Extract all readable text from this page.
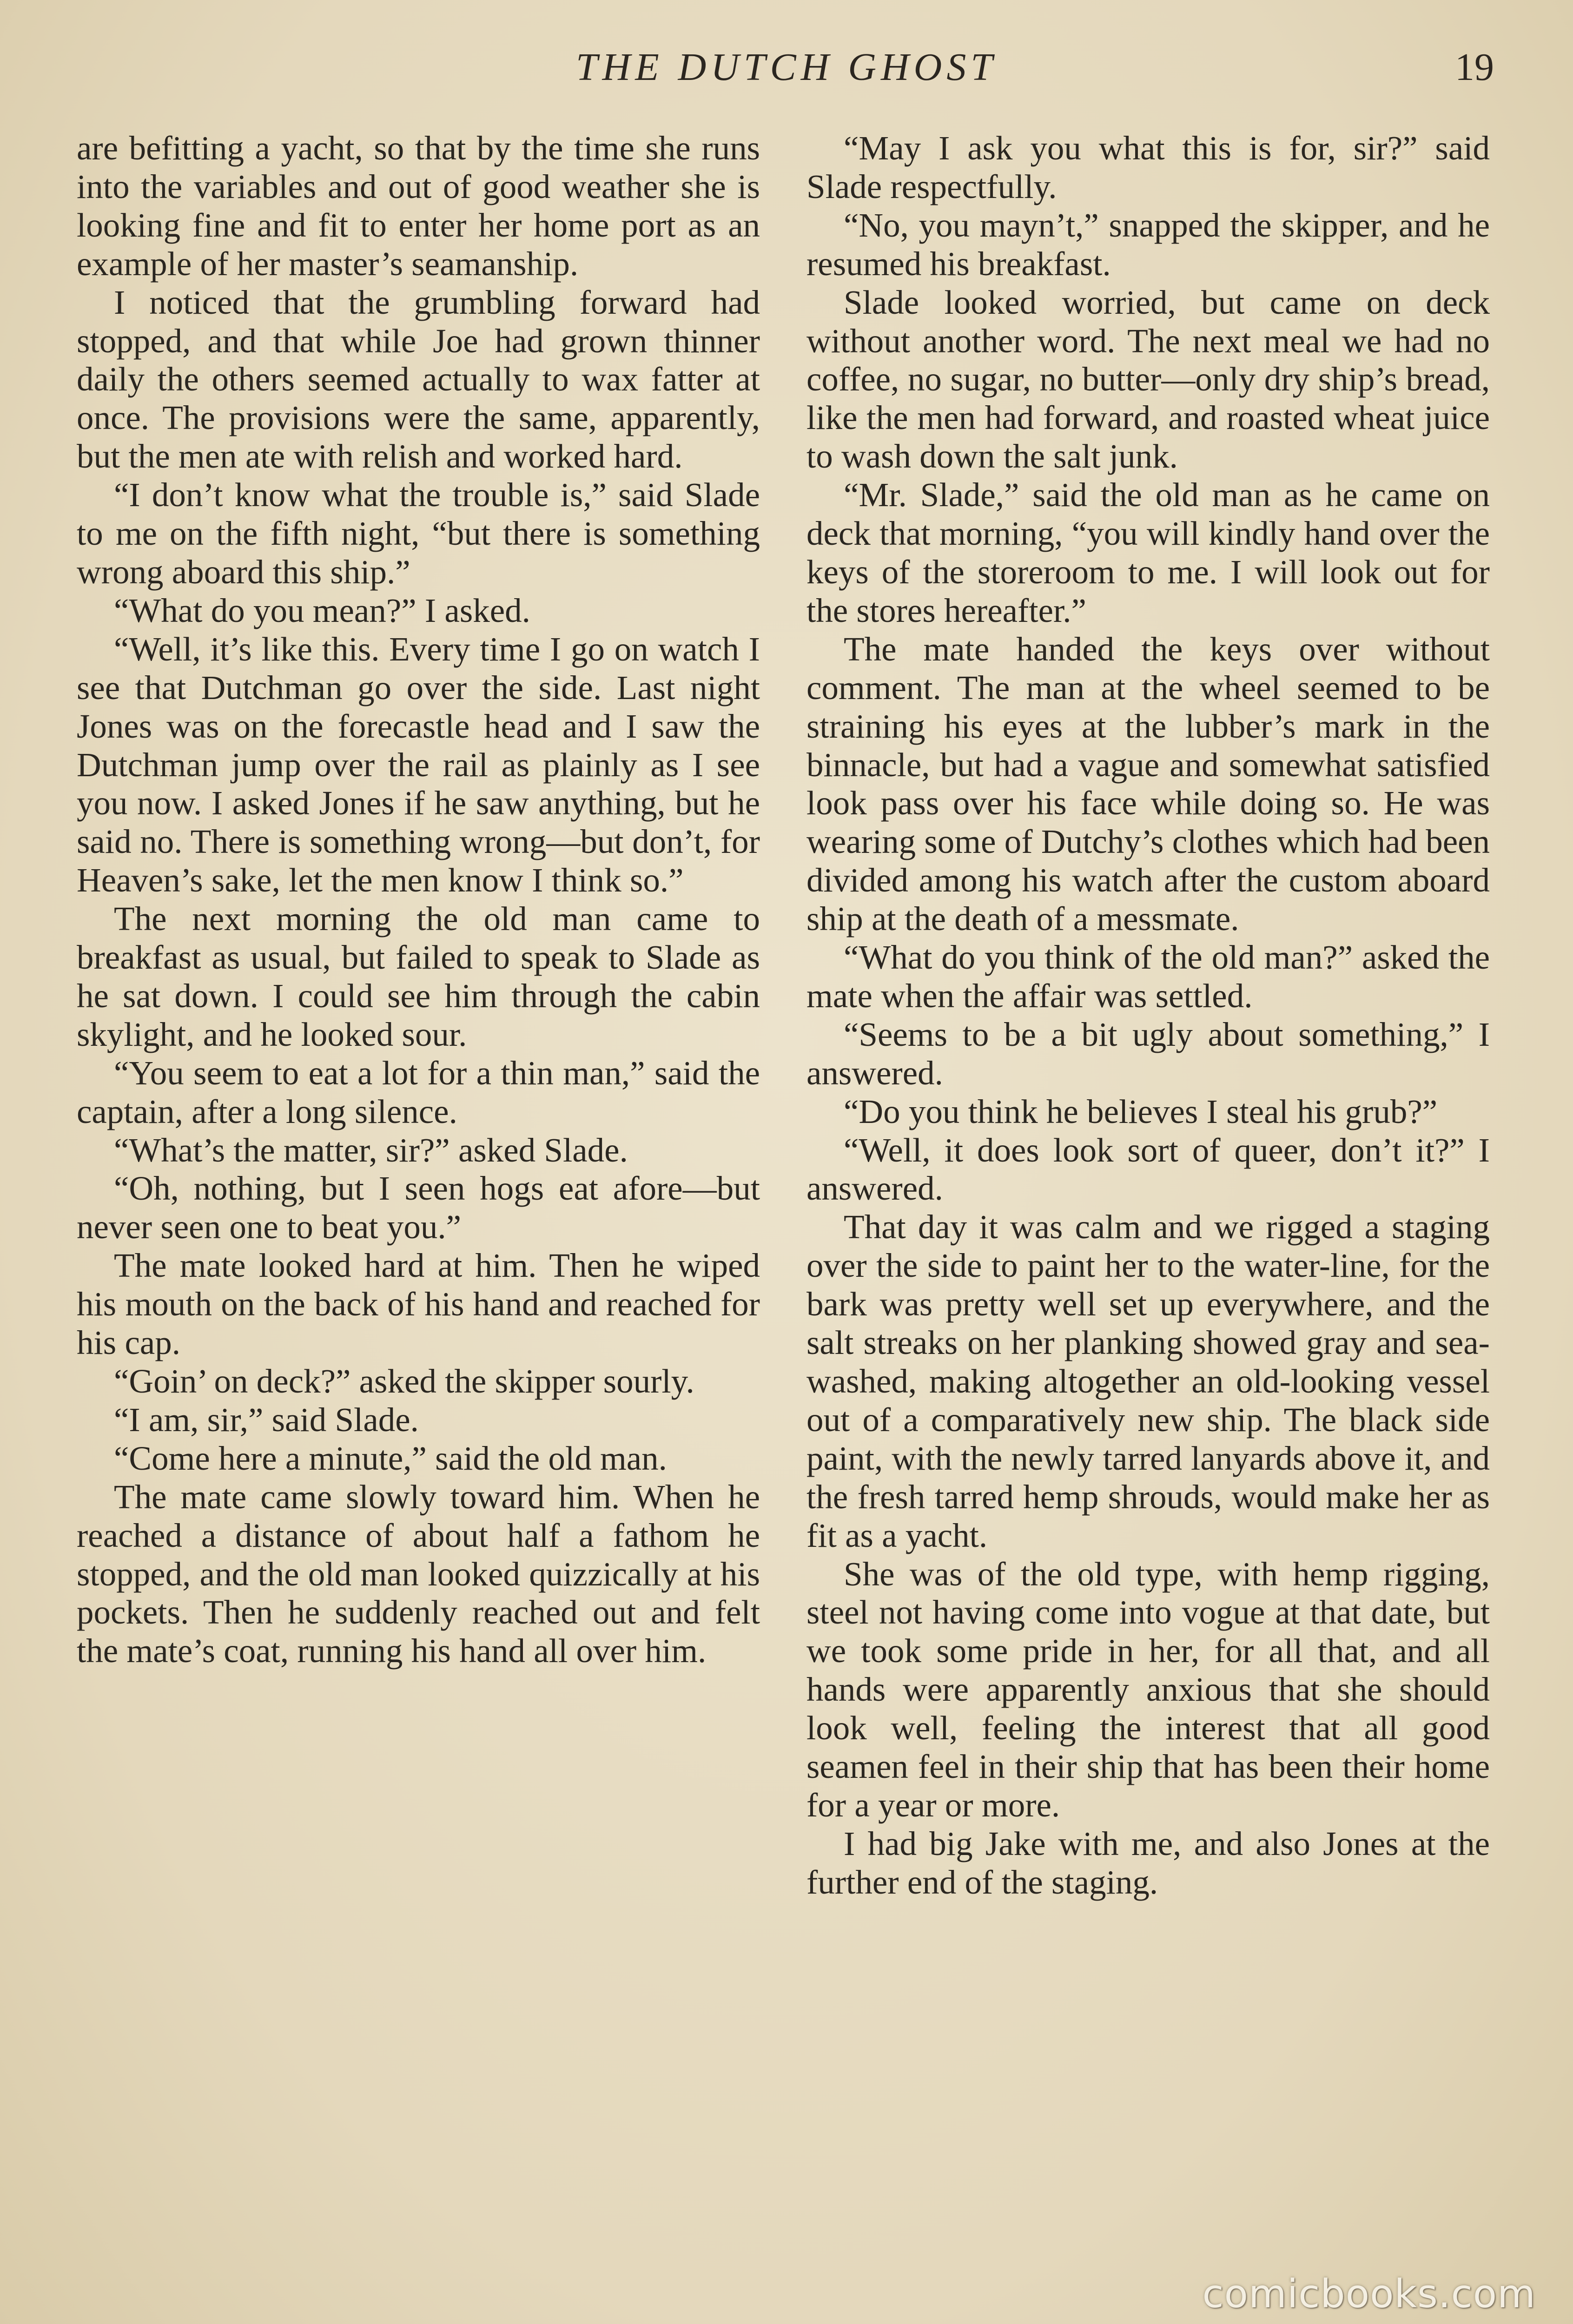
THE DUTCH GHOST	19

are befitting a yacht, so that by the time she runs into the variables and out of good weather she is looking fine and fit to enter her home port as an example of her master’s seamanship.

I noticed that the grumbling forward had stopped, and that while Joe had grown thinner daily the others seemed actually to wax fatter at once. The provisions were the same, apparently, but the men ate with relish and worked hard.

“I don’t know what the trouble is,” said Slade to me on the fifth night, “but there is something wrong aboard this ship.”

“What do you mean?” I asked.

“Well, it’s like this. Every time I go on watch I see that Dutchman go over the side. Last night Jones was on the forecastle head and I saw the Dutchman jump over the rail as plainly as I see you now. I asked Jones if he saw anything, but he said no. There is something wrong—but don’t, for Heaven’s sake, let the men know I think so.”

The next morning the old man came to breakfast as usual, but failed to speak to Slade as he sat down. I could see him through the cabin skylight, and he looked sour.

“You seem to eat a lot for a thin man,” said the captain, after a long silence.

“What’s the matter, sir?” asked Slade.

“Oh, nothing, but I seen hogs eat afore—but never seen one to beat you.”

The mate looked hard at him. Then he wiped his mouth on the back of his hand and reached for his cap.

“Goin’ on deck?” asked the skipper sourly.

“I am, sir,” said Slade.

“Come here a minute,” said the old man.

The mate came slowly toward him. When he reached a distance of about half a fathom he stopped, and the old man looked quizzically at his pockets. Then he suddenly reached out and felt the mate’s coat, running his hand all over him.

“May I ask you what this is for, sir?” said Slade respectfully.

“No, you mayn’t,” snapped the skipper, and he resumed his breakfast.

Slade looked worried, but came on deck without another word. The next meal we had no coffee, no sugar, no butter—only dry ship’s bread, like the men had forward, and roasted wheat juice to wash down the salt junk.

“Mr. Slade,” said the old man as he came on deck that morning, “you will kindly hand over the keys of the storeroom to me. I will look out for the stores hereafter.”

The mate handed the keys over without comment. The man at the wheel seemed to be straining his eyes at the lubber’s mark in the binnacle, but had a vague and somewhat satisfied look pass over his face while doing so. He was wearing some of Dutchy’s clothes which had been divided among his watch after the custom aboard ship at the death of a messmate.

“What do you think of the old man?” asked the mate when the affair was settled.

“Seems to be a bit ugly about something,” I answered.

“Do you think he believes I steal his grub?”

“Well, it does look sort of queer, don’t it?” I answered.

That day it was calm and we rigged a staging over the side to paint her to the water-line, for the bark was pretty well set up everywhere, and the salt streaks on her planking showed gray and sea-washed, making altogether an old-looking vessel out of a comparatively new ship. The black side paint, with the newly tarred lanyards above it, and the fresh tarred hemp shrouds, would make her as fit as a yacht.

She was of the old type, with hemp rigging, steel not having come into vogue at that date, but we took some pride in her, for all that, and all hands were apparently anxious that she should look well, feeling the interest that all good seamen feel in their ship that has been their home for a year or more.

I had big Jake with me, and also Jones at the further end of the staging.

comicbooks.com
